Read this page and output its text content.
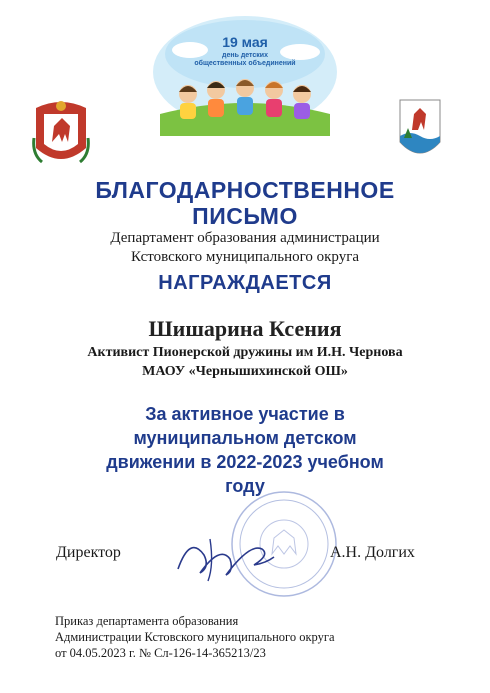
19 мая
день детских
общественных объединений
БЛАГОДАРНОСТВЕННОЕ
ПИСЬМО
Департамент образования администрации
Кстовского муниципального округа
НАГРАЖДАЕТСЯ
Шишарина Ксения
Активист Пионерской дружины им И.Н. Чернова
МАОУ «Чернышихинской ОШ»
За активное участие в
муниципальном детском
движении в 2022-2023 учебном
году
Директор	А.Н. Долгих
Приказ департамента образования
Администрации Кстовского муниципального округа
от 04.05.2023 г. № Сл-126-14-365213/23
